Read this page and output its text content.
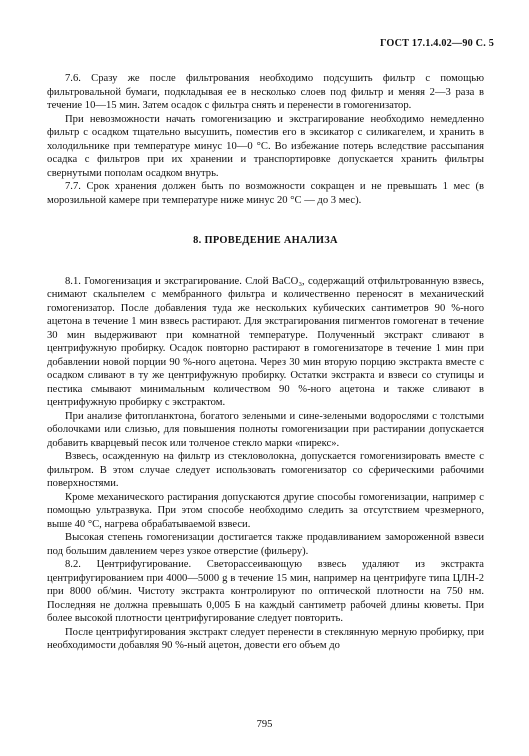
ГОСТ 17.1.4.02—90 С. 5

7.6. Сразу же после фильтрования необходимо подсушить фильтр с помощью фильтровальной бумаги, подкладывая ее в несколько слоев под фильтр и меняя 2—3 раза в течение 10—15 мин. Затем осадок с фильтра снять и перенести в гомогенизатор.

При невозможности начать гомогенизацию и экстрагирование необходимо немедленно фильтр с осадком тщательно высушить, поместив его в эксикатор с силикагелем, и хранить в холодильнике при температуре минус 10—0 °С. Во избежание потерь вследствие рассыпания осадка с фильтров при их хранении и транспортировке допускается хранить фильтры свернутыми пополам осадком внутрь.

7.7. Срок хранения должен быть по возможности сокращен и не превышать 1 мес (в морозильной камере при температуре ниже минус 20 °С — до 3 мес).

8. ПРОВЕДЕНИЕ АНАЛИЗА

8.1. Гомогенизация и экстрагирование. Слой ВаСО₃, содержащий отфильтрованную взвесь, снимают скальпелем с мембранного фильтра и количественно переносят в механический гомогенизатор. После добавления туда же нескольких кубических сантиметров 90 %-ного ацетона в течение 1 мин взвесь растирают. Для экстрагирования пигментов гомогенат в течение 30 мин выдерживают при комнатной температуре. Полученный экстракт сливают в центрифужную пробирку. Осадок повторно растирают в гомогенизаторе в течение 1 мин при добавлении новой порции 90 %-ного ацетона. Через 30 мин вторую порцию экстракта вместе с осадком сливают в ту же центрифужную пробирку. Остатки экстракта и взвеси со ступицы и пестика смывают минимальным количеством 90 %-ного ацетона и также сливают в центрифужную пробирку с экстрактом.

При анализе фитопланктона, богатого зелеными и сине-зелеными водорослями с толстыми оболочками или слизью, для повышения полноты гомогенизации при растирании допускается добавить кварцевый песок или толченое стекло марки «пирекс».

Взвесь, осажденную на фильтр из стекловолокна, допускается гомогенизировать вместе с фильтром. В этом случае следует использовать гомогенизатор со сферическими рабочими поверхностями.

Кроме механического растирания допускаются другие способы гомогенизации, например с помощью ультразвука. При этом способе необходимо следить за отсутствием чрезмерного, выше 40 °С, нагрева обрабатываемой взвеси.

Высокая степень гомогенизации достигается также продавливанием замороженной взвеси под большим давлением через узкое отверстие (фильеру).

8.2. Центрифугирование. Светорассеивающую взвесь удаляют из экстракта центрифугированием при 4000—5000 g в течение 15 мин, например на центрифуге типа ЦЛН-2 при 8000 об/мин. Чистоту экстракта контролируют по оптической плотности на 750 нм. Последняя не должна превышать 0,005 Б на каждый сантиметр рабочей длины кюветы. При более высокой плотности центрифугирование следует повторить.

После центрифугирования экстракт следует перенести в стеклянную мерную пробирку, при необходимости добавляя 90 %-ный ацетон, довести его объем до

795
